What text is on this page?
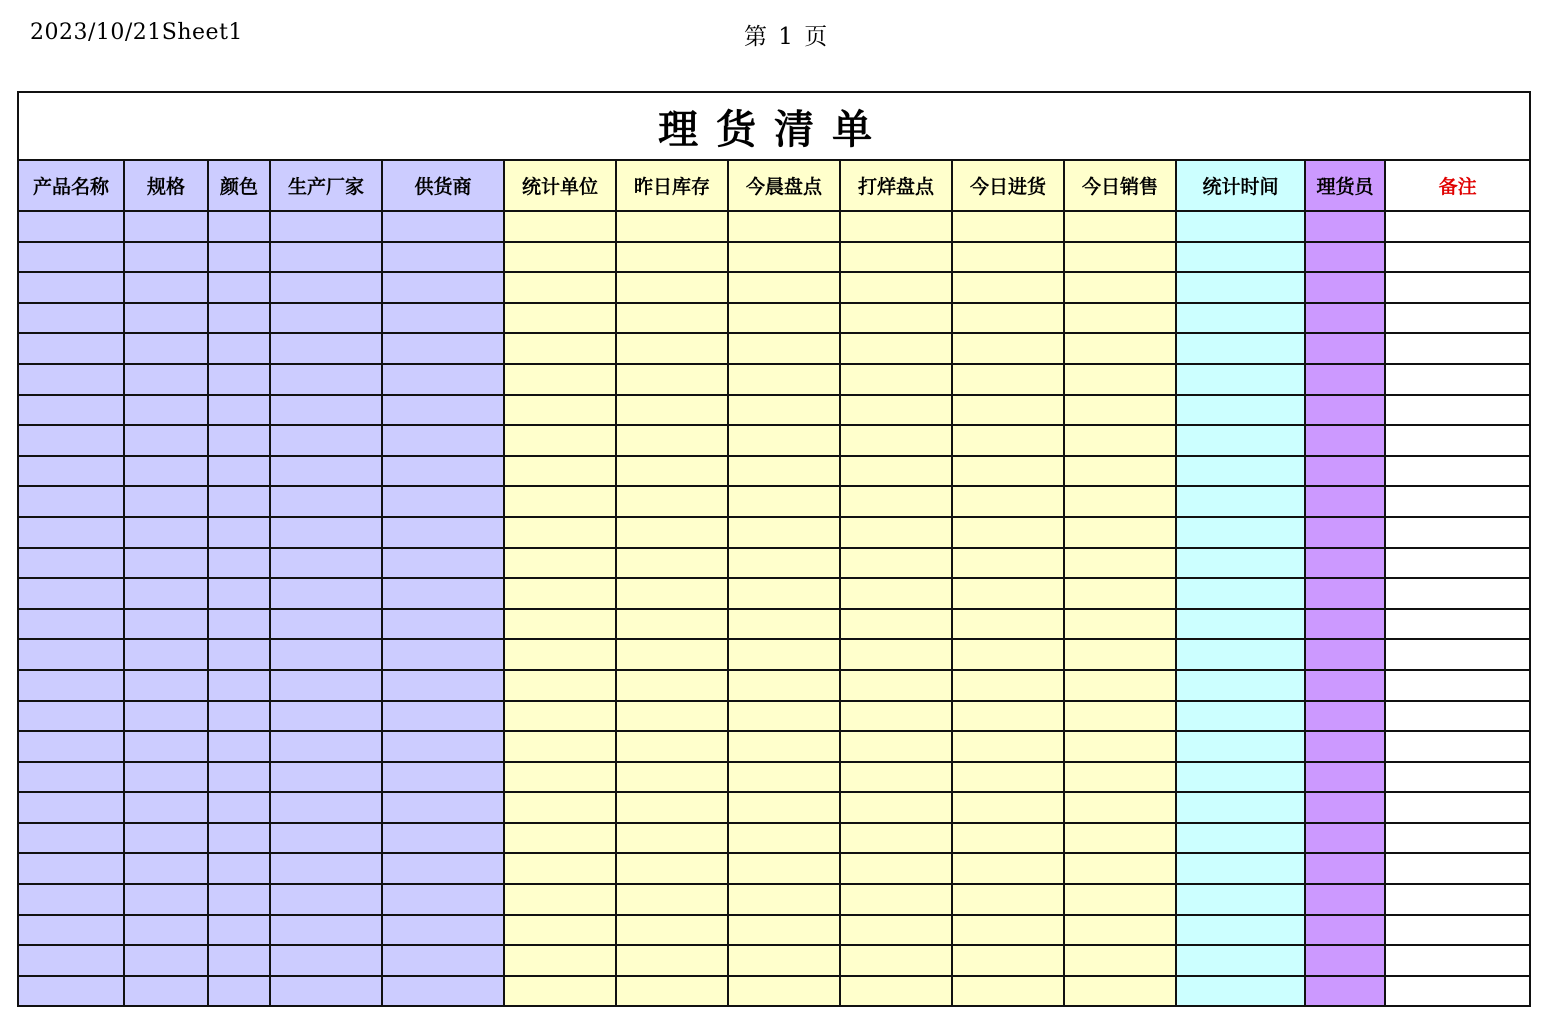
2023/10/21Sheet1	第 1 页
理货清单													
产品名称	规格	颜色	生产厂家	供货商	统计单位	昨日库存	今晨盘点	打烊盘点	今日进货	今日销售	统计时间	理货员	备注
